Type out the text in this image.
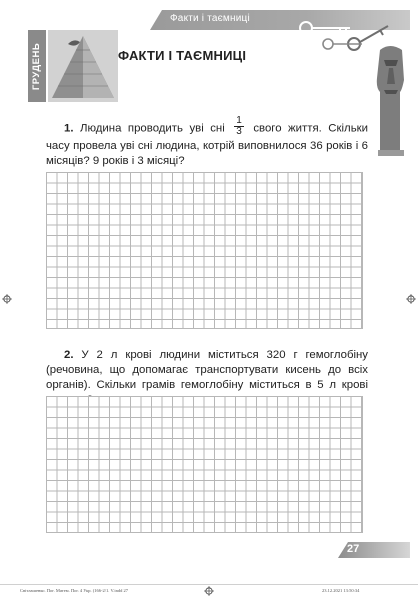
Факти і таємниці
ГРУДЕНЬ	ФАКТИ І ТАЄМНИЦІ
1. Людина проводить уві сні $\frac{1}{3}$ свого життя. Скільки часу провела уві сні людина, котрій виповнилося 36 років і 6 місяців? 9 років і 3 місяці?
2. У 2 л крові людини міститься 320 г гемоглобіну (речовина, що допомагає транспортувати кисень до всіх органів). Скільки грамів гемоглобіну міститься в 5 л крові
27
Світлашенко. Пог. Матем. Пог. 4 Укр. (166-2/1. V.indd 27	23.12.2021 13:50:34
